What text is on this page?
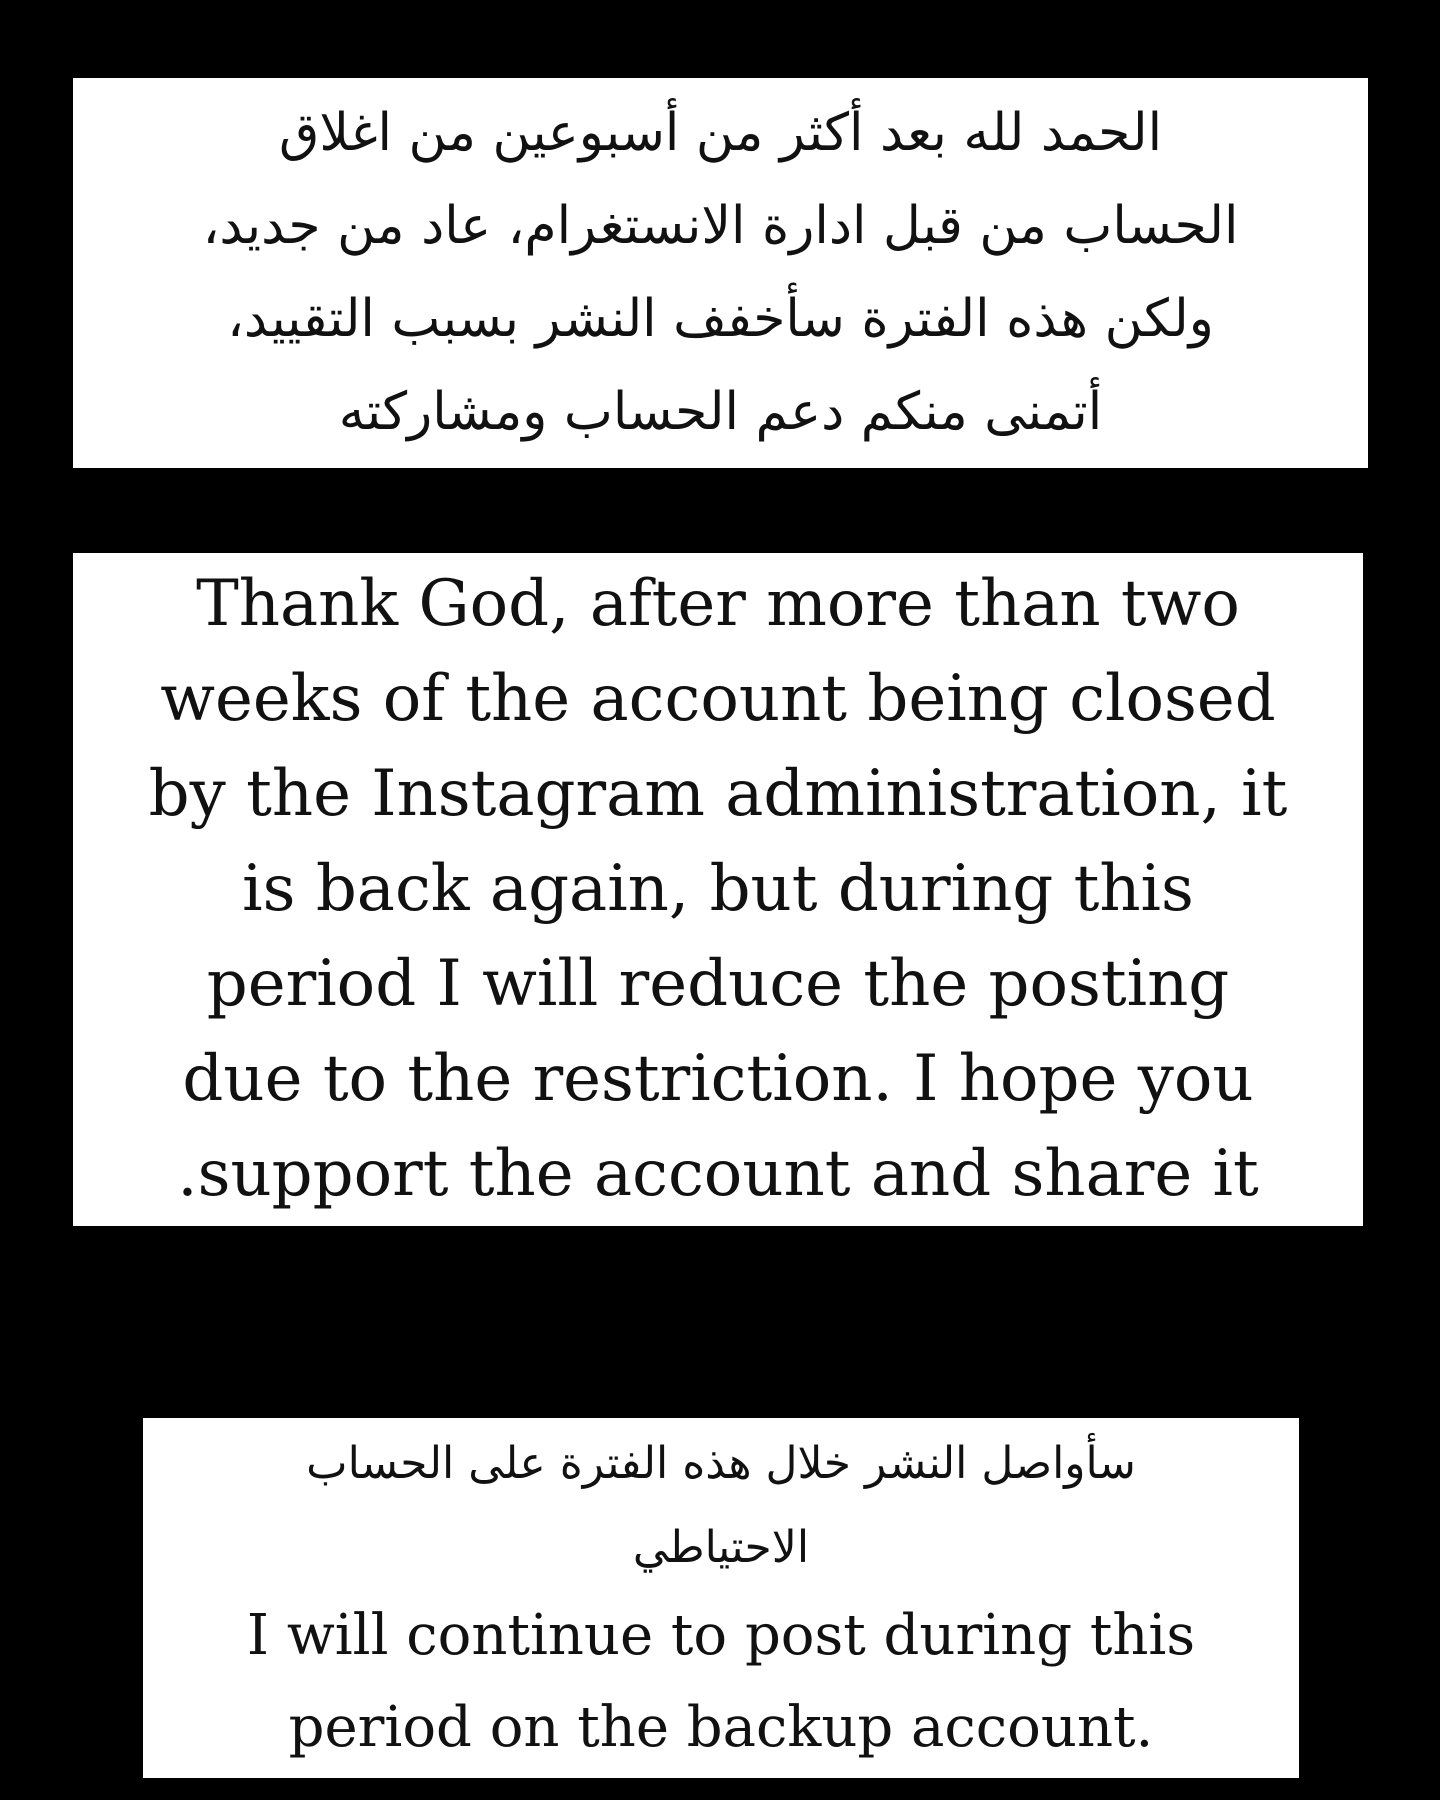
الحمد لله بعد أكثر من أسبوعين من اغلاق

الحساب من قبل ادارة الانستغرام، عاد من جديد،

ولكن هذه الفترة سأخفف النشر بسبب التقييد،

أتمنى منكم دعم الحساب ومشاركته

Thank God, after more than two

weeks of the account being closed

by the Instagram administration, it

is back again, but during this

period I will reduce the posting

due to the restriction. I hope you

.support the account and share it

سأواصل النشر خلال هذه الفترة على الحساب

الاحتياطي

I will continue to post during this

period on the backup account.
